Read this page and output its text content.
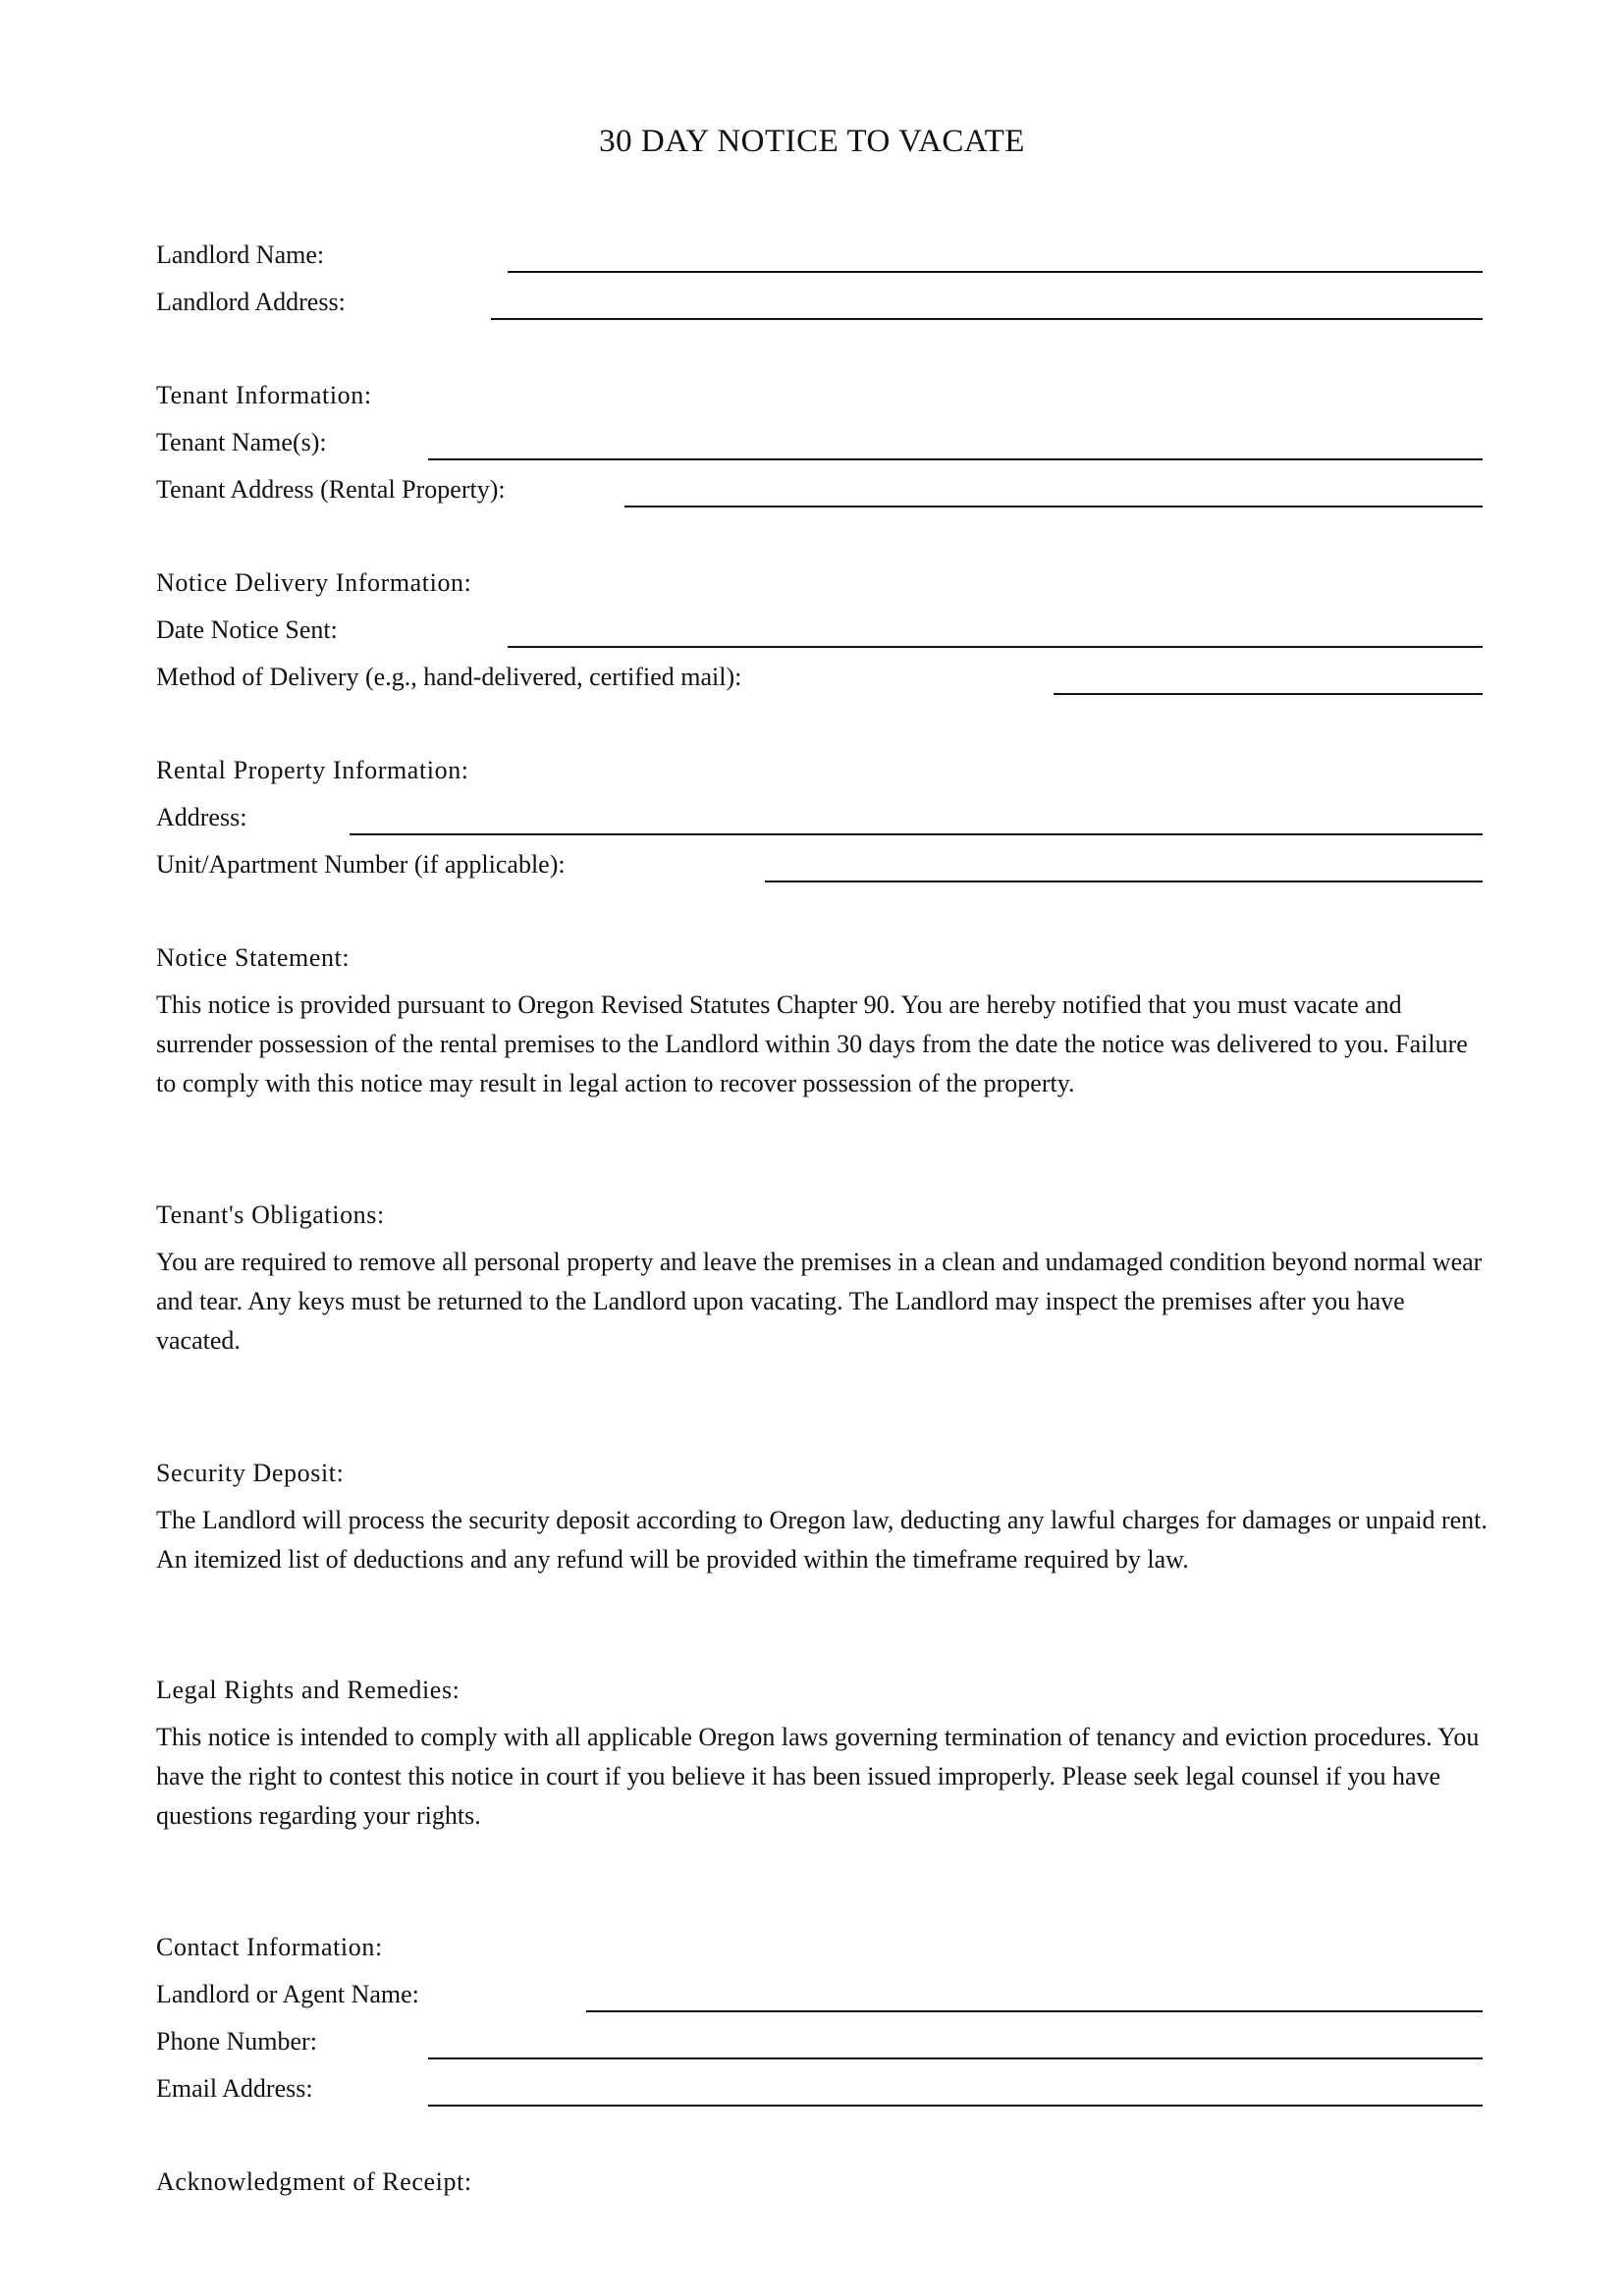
30 DAY NOTICE TO VACATE
Landlord Name:
Landlord Address:
Tenant Information:
Tenant Name(s):
Tenant Address (Rental Property):
Notice Delivery Information:
Date Notice Sent:
Method of Delivery (e.g., hand-delivered, certified mail):
Rental Property Information:
Address:
Unit/Apartment Number (if applicable):
Notice Statement:
This notice is provided pursuant to Oregon Revised Statutes Chapter 90. You are hereby notified that you must vacate and surrender possession of the rental premises to the Landlord within 30 days from the date the notice was delivered to you. Failure to comply with this notice may result in legal action to recover possession of the property.
Tenant's Obligations:
You are required to remove all personal property and leave the premises in a clean and undamaged condition beyond normal wear and tear. Any keys must be returned to the Landlord upon vacating. The Landlord may inspect the premises after you have vacated.
Security Deposit:
The Landlord will process the security deposit according to Oregon law, deducting any lawful charges for damages or unpaid rent. An itemized list of deductions and any refund will be provided within the timeframe required by law.
Legal Rights and Remedies:
This notice is intended to comply with all applicable Oregon laws governing termination of tenancy and eviction procedures. You have the right to contest this notice in court if you believe it has been issued improperly. Please seek legal counsel if you have questions regarding your rights.
Contact Information:
Landlord or Agent Name:
Phone Number:
Email Address:
Acknowledgment of Receipt:
